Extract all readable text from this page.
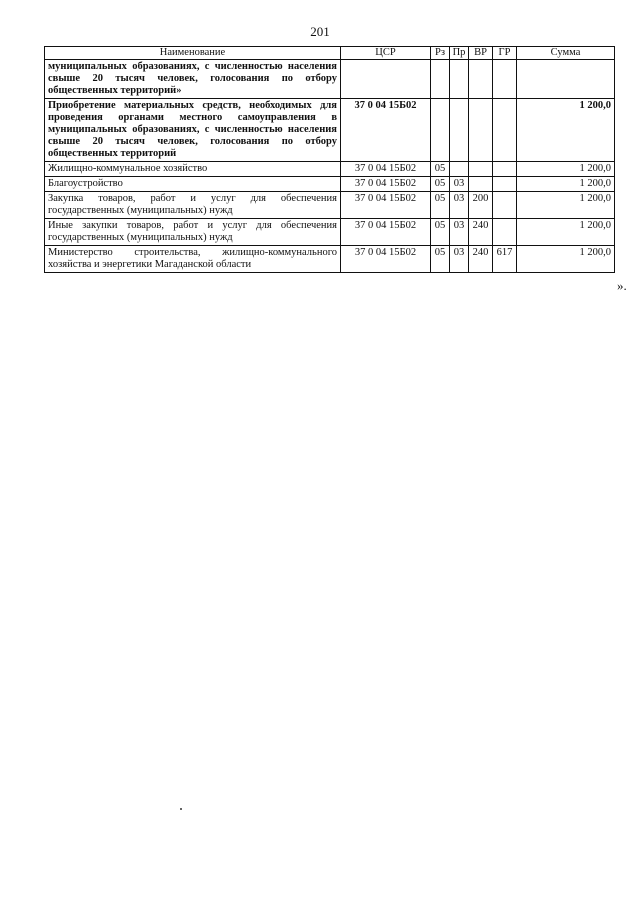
201
Наименование	ЦСР	Рз	Пр	ВР	ГР	Сумма
муниципальных образованиях, с численностью населения свыше 20 тысяч человек, голосования по отбору общественных территорий»						
Приобретение материальных средств, необходимых для проведения органами местного самоуправления в муниципальных образованиях, с численностью населения свыше 20 тысяч человек, голосования по отбору общественных территорий	37 0 04 15Б02					1 200,0
Жилищно-коммунальное хозяйство	37 0 04 15Б02	05				1 200,0
Благоустройство	37 0 04 15Б02	05	03			1 200,0
Закупка товаров, работ и услуг для обеспечения государственных (муниципальных) нужд	37 0 04 15Б02	05	03	200		1 200,0
Иные закупки товаров, работ и услуг для обеспечения государственных (муниципальных) нужд	37 0 04 15Б02	05	03	240		1 200,0
Министерство строительства, жилищно-коммунального хозяйства и энергетики Магаданской области	37 0 04 15Б02	05	03	240	617	1 200,0
».
